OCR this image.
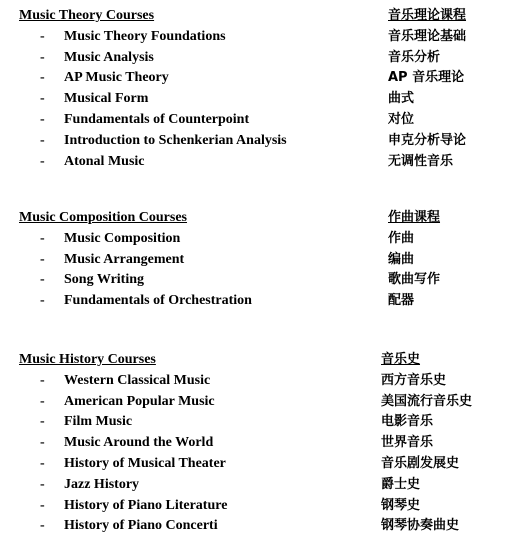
Music Theory Courses	音乐理论课程
- Music Theory Foundations	音乐理论基础
- Music Analysis	音乐分析
- AP Music Theory	AP 音乐理论
- Musical Form	曲式
- Fundamentals of Counterpoint	对位
- Introduction to Schenkerian Analysis	申克分析导论
- Atonal Music	无调性音乐
Music Composition Courses	作曲课程
- Music Composition	作曲
- Music Arrangement	编曲
- Song Writing	歌曲写作
- Fundamentals of Orchestration	配器
Music History Courses	音乐史
- Western Classical Music	西方音乐史
- American Popular Music	美国流行音乐史
- Film Music	电影音乐
- Music Around the World	世界音乐
- History of Musical Theater	音乐剧发展史
- Jazz History	爵士史
- History of Piano Literature	钢琴史
- History of Piano Concerti	钢琴协奏曲史
